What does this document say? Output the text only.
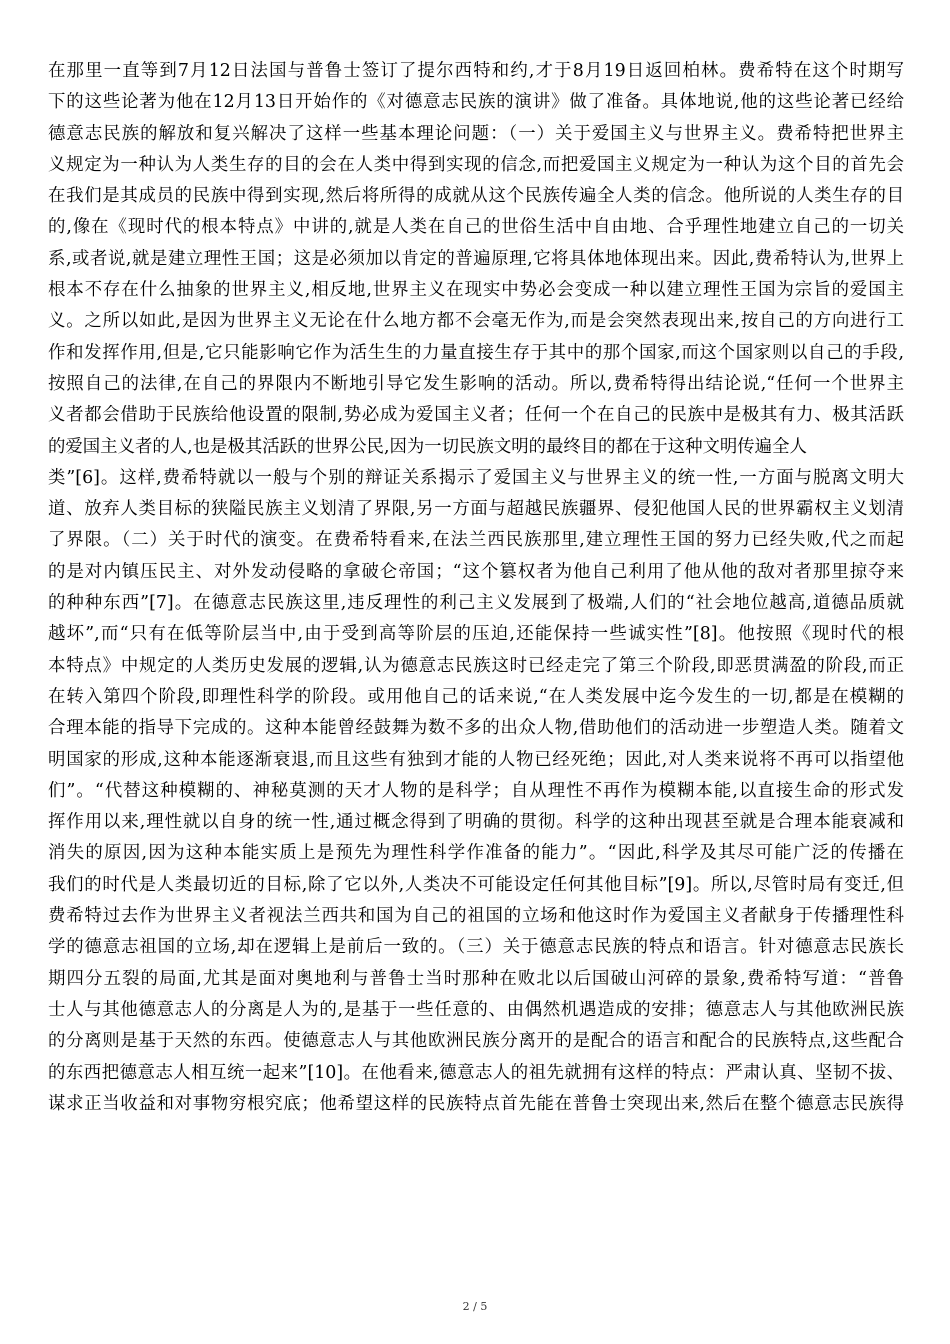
在那里一直等到7月12日法国与普鲁士签订了提尔西特和约,才于8月19日返回柏林。费希特在这个时期写
下的这些论著为他在12月13日开始作的《对德意志民族的演讲》做了准备。具体地说,他的这些论著已经给
德意志民族的解放和复兴解决了这样一些基本理论问题：（一）关于爱国主义与世界主义。费希特把世界主
义规定为一种认为人类生存的目的会在人类中得到实现的信念,而把爱国主义规定为一种认为这个目的首先会
在我们是其成员的民族中得到实现,然后将所得的成就从这个民族传遍全人类的信念。他所说的人类生存的目
的,像在《现时代的根本特点》中讲的,就是人类在自己的世俗生活中自由地、合乎理性地建立自己的一切关
系,或者说,就是建立理性王国；这是必须加以肯定的普遍原理,它将具体地体现出来。因此,费希特认为,世界上
根本不存在什么抽象的世界主义,相反地,世界主义在现实中势必会变成一种以建立理性王国为宗旨的爱国主
义。之所以如此,是因为世界主义无论在什么地方都不会毫无作为,而是会突然表现出来,按自己的方向进行工
作和发挥作用,但是,它只能影响它作为活生生的力量直接生存于其中的那个国家,而这个国家则以自己的手段,
按照自己的法律,在自己的界限内不断地引导它发生影响的活动。所以,费希特得出结论说,“任何一个世界主
义者都会借助于民族给他设置的限制,势必成为爱国主义者；任何一个在自己的民族中是极其有力、极其活跃
的爱国主义者的人,也是极其活跃的世界公民,因为一切民族文明的最终目的都在于这种文明传遍全人
类”[6]。这样,费希特就以一般与个别的辩证关系揭示了爱国主义与世界主义的统一性,一方面与脱离文明大
道、放弃人类目标的狭隘民族主义划清了界限,另一方面与超越民族疆界、侵犯他国人民的世界霸权主义划清
了界限。（二）关于时代的演变。在费希特看来,在法兰西民族那里,建立理性王国的努力已经失败,代之而起
的是对内镇压民主、对外发动侵略的拿破仑帝国；“这个篡权者为他自己利用了他从他的敌对者那里掠夺来
的种种东西”[7]。在德意志民族这里,违反理性的利己主义发展到了极端,人们的“社会地位越高,道德品质就
越坏”,而“只有在低等阶层当中,由于受到高等阶层的压迫,还能保持一些诚实性”[8]。他按照《现时代的根
本特点》中规定的人类历史发展的逻辑,认为德意志民族这时已经走完了第三个阶段,即恶贯满盈的阶段,而正
在转入第四个阶段,即理性科学的阶段。或用他自己的话来说,“在人类发展中迄今发生的一切,都是在模糊的
合理本能的指导下完成的。这种本能曾经鼓舞为数不多的出众人物,借助他们的活动进一步塑造人类。随着文
明国家的形成,这种本能逐渐衰退,而且这些有独到才能的人物已经死绝；因此,对人类来说将不再可以指望他
们”。“代替这种模糊的、神秘莫测的天才人物的是科学；自从理性不再作为模糊本能,以直接生命的形式发
挥作用以来,理性就以自身的统一性,通过概念得到了明确的贯彻。科学的这种出现甚至就是合理本能衰减和
消失的原因,因为这种本能实质上是预先为理性科学作准备的能力”。“因此,科学及其尽可能广泛的传播在
我们的时代是人类最切近的目标,除了它以外,人类决不可能设定任何其他目标”[9]。所以,尽管时局有变迁,但
费希特过去作为世界主义者视法兰西共和国为自己的祖国的立场和他这时作为爱国主义者献身于传播理性科
学的德意志祖国的立场,却在逻辑上是前后一致的。（三）关于德意志民族的特点和语言。针对德意志民族长
期四分五裂的局面,尤其是面对奥地利与普鲁士当时那种在败北以后国破山河碎的景象,费希特写道：“普鲁
士人与其他德意志人的分离是人为的,是基于一些任意的、由偶然机遇造成的安排；德意志人与其他欧洲民族
的分离则是基于天然的东西。使德意志人与其他欧洲民族分离开的是配合的语言和配合的民族特点,这些配合
的东西把德意志人相互统一起来”[10]。在他看来,德意志人的祖先就拥有这样的特点：严肃认真、坚韧不拔、
谋求正当收益和对事物穷根究底；他希望这样的民族特点首先能在普鲁士突现出来,然后在整个德意志民族得
2 / 5
